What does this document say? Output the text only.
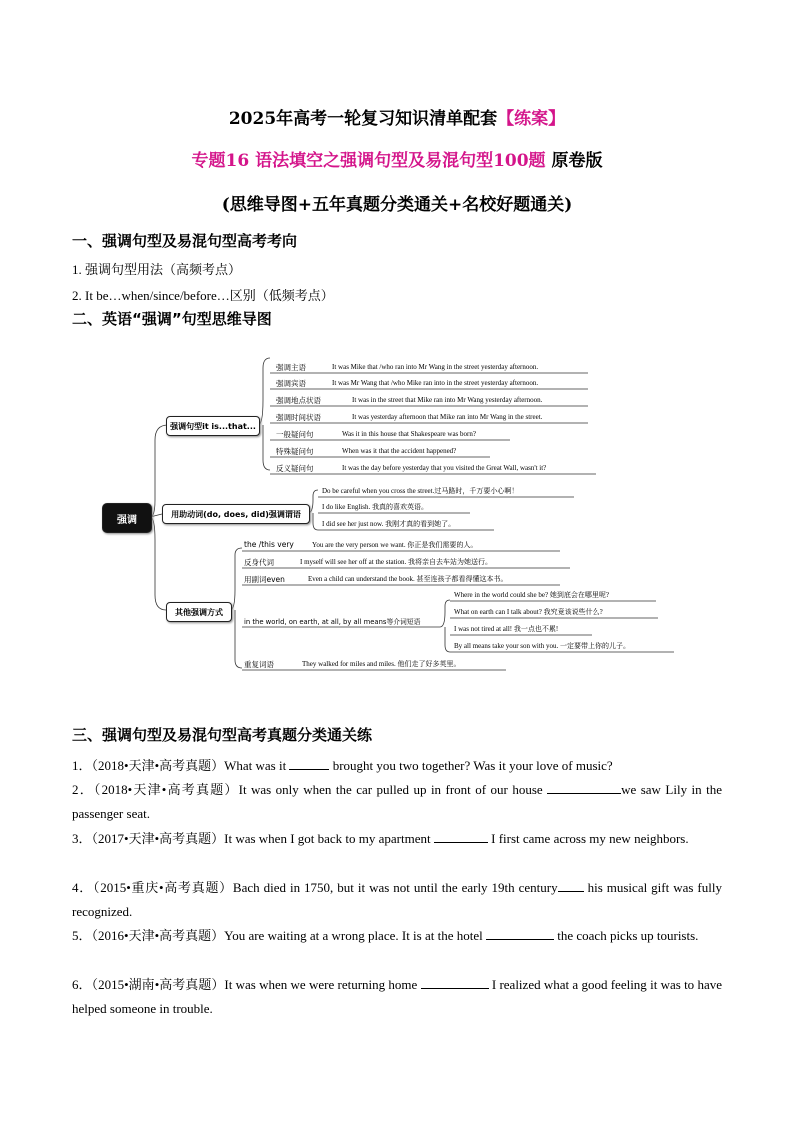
2025年高考一轮复习知识清单配套【练案】
专题16 语法填空之强调句型及易混句型100题 原卷版
(思维导图+五年真题分类通关+名校好题通关)
一、强调句型及易混句型高考考向
1. 强调句型用法（高频考点）
2. It be…when/since/before…区别（低频考点）
二、英语“强调”句型思维导图
强调
强调句型it is...that...
用助动词(do, does, did)强调谓语
其他强调方式
强调主语	It was Mike that /who ran into Mr Wang in the street yesterday afternoon.
强调宾语	It was Mr Wang that /who Mike ran into in the street yesterday afternoon.
强调地点状语	It was in the street that Mike ran into Mr Wang yesterday afternoon.
强调时间状语	It was yesterday afternoon that Mike ran into Mr Wang in the street.
一般疑问句	Was it in this house that Shakespeare was born?
特殊疑问句	When was it that the accident happened?
反义疑问句	It was the day before yesterday that you visited the Great Wall, wasn't it?
Do be careful when you cross the street.过马路时，千万要小心啊！
I do like English. 我真的喜欢英语。
I did see her just now. 我刚才真的看到她了。
the /this very	You are the very person we want. 你正是我们需要的人。
反身代词	I myself will see her off at the station. 我将亲自去车站为她送行。
用副词even	Even a child can understand the book. 甚至连孩子都看得懂这本书。
in the world, on earth, at all, by all means等介词短语
Where in the world could she be? 她到底会在哪里呢?
What on earth can I talk about? 我究竟该说些什么?
I was not tired at all! 我一点也不累!
By all means take your son with you. 一定要带上你的儿子。
重复词语	They walked for miles and miles. 他们走了好多英里。
三、强调句型及易混句型高考真题分类通关练
1．（2018•天津•高考真题）What was it	brought you two together? Was it your love of music?
2．（2018•天津•高考真题）It was only when the car pulled up in front of our house	we saw Lily in the passenger seat.
3．（2017•天津•高考真题）It was when I got back to my apartment	I first came across my new neighbors.
4．（2015•重庆•高考真题）Bach died in 1750, but it was not until the early 19th century his musical gift was fully recognized.
5．（2016•天津•高考真题）You are waiting at a wrong place. It is at the hotel	the coach picks up tourists.
6．（2015•湖南•高考真题）It was when we were returning home	I realized what a good feeling it was to have helped someone in trouble.
